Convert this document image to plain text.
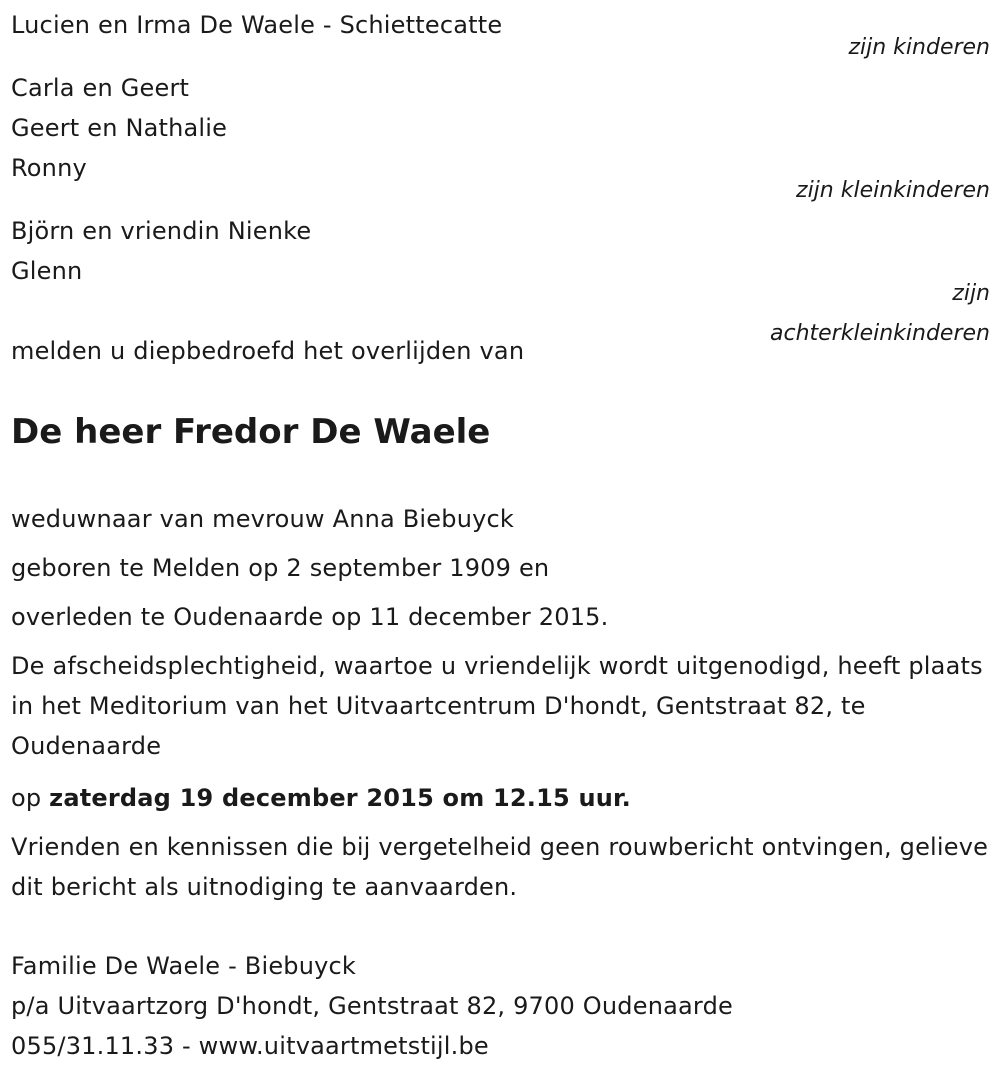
Lucien en Irma De Waele - Schiettecatte
zijn kinderen
Carla en Geert
Geert en Nathalie
Ronny
zijn kleinkinderen
Björn en vriendin Nienke
Glenn
zijn
achterkleinkinderen
melden u diepbedroefd het overlijden van
De heer Fredor De Waele
weduwnaar van mevrouw Anna Biebuyck
geboren te Melden op 2 september 1909 en
overleden te Oudenaarde op 11 december 2015.
De afscheidsplechtigheid, waartoe u vriendelijk wordt uitgenodigd, heeft plaats in het Meditorium van het Uitvaartcentrum D'hondt, Gentstraat 82, te Oudenaarde
op zaterdag 19 december 2015 om 12.15 uur.
Vrienden en kennissen die bij vergetelheid geen rouwbericht ontvingen, gelieve dit bericht als uitnodiging te aanvaarden.
Familie De Waele - Biebuyck
p/a Uitvaartzorg D'hondt, Gentstraat 82, 9700 Oudenaarde
055/31.11.33 - www.uitvaartmetstijl.be
